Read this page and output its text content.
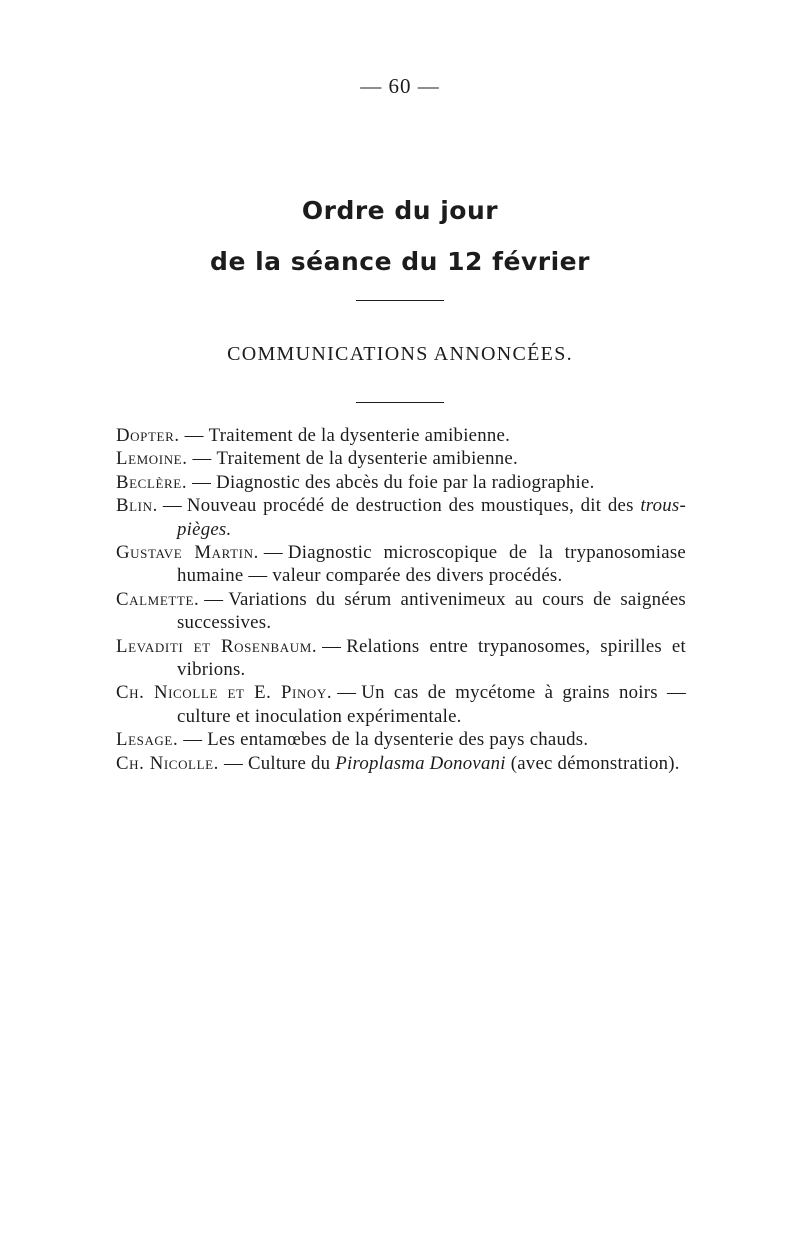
— 60 —
Ordre du jour
de la séance du 12 février
COMMUNICATIONS ANNONCÉES.
Dopter. — Traitement de la dysenterie amibienne.
Lemoine. — Traitement de la dysenterie amibienne.
Beclère. — Diagnostic des abcès du foie par la radiographie.
Blin. — Nouveau procédé de destruction des moustiques, dit des trous-pièges.
Gustave Martin. — Diagnostic microscopique de la trypanosomiase humaine — valeur comparée des divers procédés.
Calmette. — Variations du sérum antivenimeux au cours de saignées successives.
Levaditi et Rosenbaum. — Relations entre trypanosomes, spirilles et vibrions.
Ch. Nicolle et E. Pinoy. — Un cas de mycétome à grains noirs — culture et inoculation expérimentale.
Lesage. — Les entamœbes de la dysenterie des pays chauds.
Ch. Nicolle. — Culture du Piroplasma Donovani (avec démonstration).
